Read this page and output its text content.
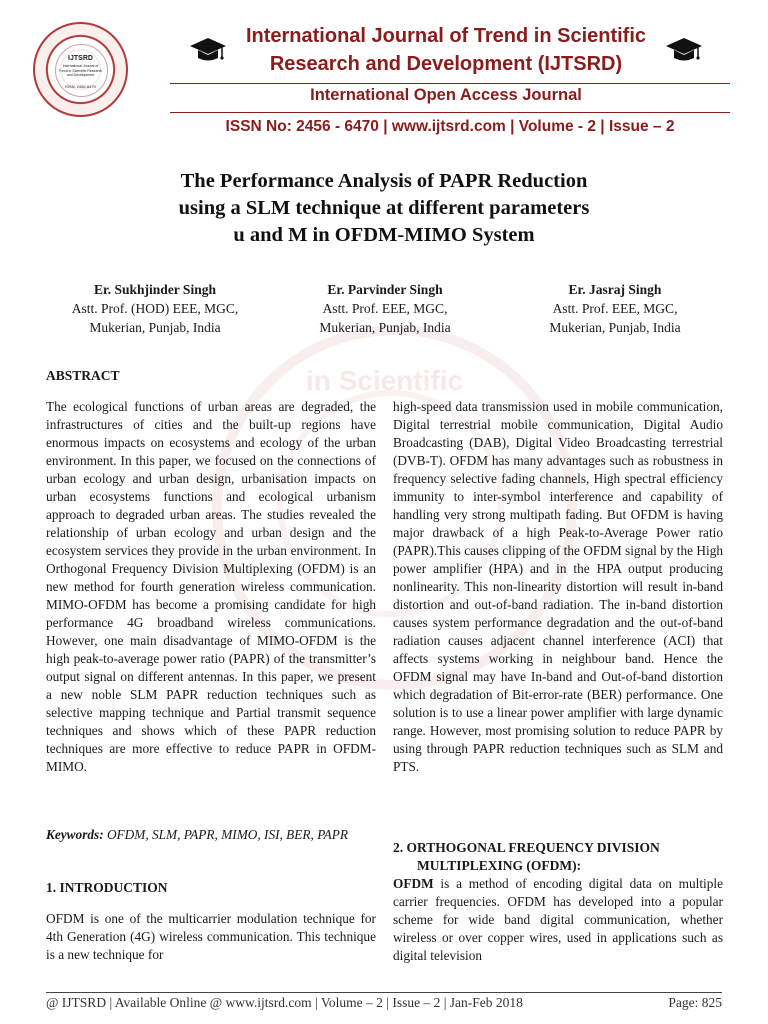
IJTSRD
International Journal of Trend in Scientific Research and Development
ISSN: 2456-6470
International Journal of Trend in Scientific
Research and Development (IJTSRD)
International Open Access Journal
ISSN No: 2456 - 6470 | www.ijtsrd.com | Volume - 2 | Issue – 2
in Scientific
The Performance Analysis of PAPR Reduction
using a SLM technique at different parameters
u and M in OFDM-MIMO System
Er. Sukhjinder Singh
Astt. Prof. (HOD) EEE, MGC,
Mukerian, Punjab, India
Er. Parvinder Singh
Astt. Prof. EEE, MGC,
Mukerian, Punjab, India
Er. Jasraj Singh
Astt. Prof. EEE, MGC,
Mukerian, Punjab, India
ABSTRACT

The ecological functions of urban areas are degraded, the infrastructures of cities and the built-up regions have enormous impacts on ecosystems and ecology of the urban environment. In this paper, we focused on the connections of urban ecology and urban design, urbanisation impacts on urban ecosystems functions and ecological urbanism approach to degraded urban areas. The studies revealed the relationship of urban ecology and urban design and the ecosystem services they provide in the urban environment. In Orthogonal Frequency Division Multiplexing (OFDM) is an new method for fourth generation wireless communication. MIMO-OFDM has become a promising candidate for high performance 4G broadband wireless communications. However, one main disadvantage of MIMO-OFDM is the high peak-to-average power ratio (PAPR) of the transmitter’s output signal on different antennas. In this paper, we present a new noble SLM PAPR reduction techniques such as selective mapping technique and Partial transmit sequence techniques and shows which of these PAPR reduction techniques are more effective to reduce PAPR in OFDM-MIMO.

Keywords: OFDM, SLM, PAPR, MIMO, ISI, BER, PAPR
1. INTRODUCTION

OFDM is one of the multicarrier modulation technique for 4th Generation (4G) wireless communication. This technique is a new technique for

high-speed data transmission used in mobile communication, Digital terrestrial mobile communication, Digital Audio Broadcasting (DAB), Digital Video Broadcasting terrestrial (DVB-T). OFDM has many advantages such as robustness in frequency selective fading channels, High spectral efficiency immunity to inter-symbol interference and capability of handling very strong multipath fading. But OFDM is having major drawback of a high Peak-to-Average Power ratio (PAPR).This causes clipping of the OFDM signal by the High power amplifier (HPA) and in the HPA output producing nonlinearity. This non-linearity distortion will result in-band distortion and out-of-band radiation. The in-band distortion causes system performance degradation and the out-of-band radiation causes adjacent channel interference (ACI) that affects systems working in neighbour band. Hence the OFDM signal may have In-band and Out-of-band distortion which degradation of Bit-error-rate (BER) performance. One solution is to use a linear power amplifier with large dynamic range. However, most promising solution to reduce PAPR by using through PAPR reduction techniques such as SLM and PTS.

2. ORTHOGONAL FREQUENCY DIVISION
MULTIPLEXING (OFDM):

OFDM is a method of encoding digital data on multiple carrier frequencies. OFDM has developed into a popular scheme for wide band digital communication, whether wireless or over copper wires, used in applications such as digital television

@ IJTSRD | Available Online @ www.ijtsrd.com | Volume – 2 | Issue – 2 | Jan-Feb 2018	Page: 825
